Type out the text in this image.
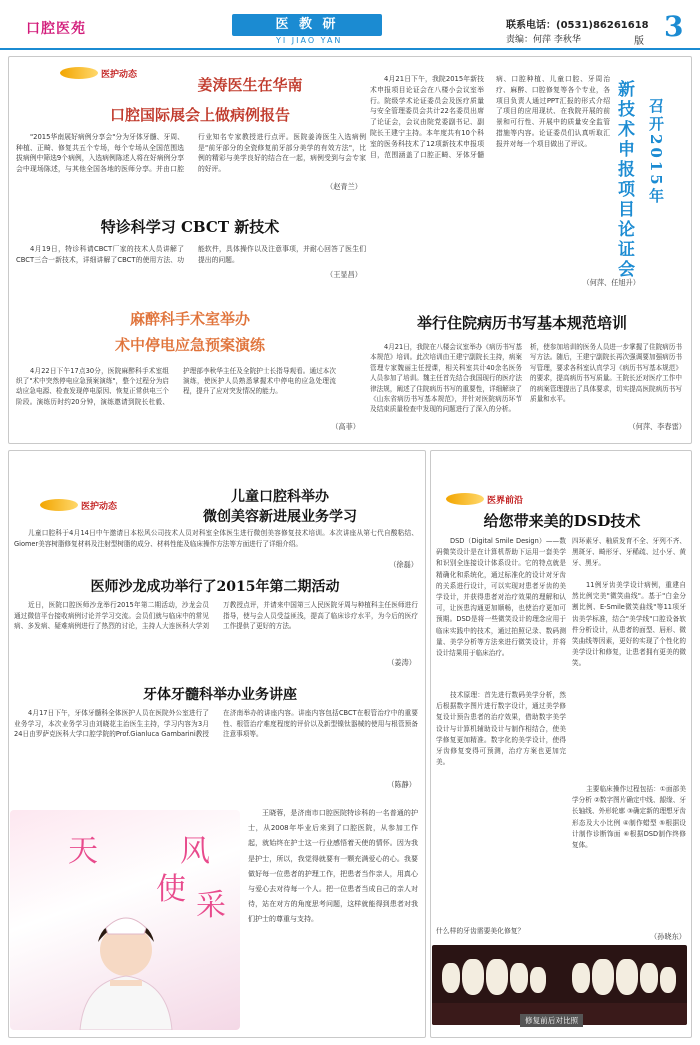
口腔医苑	医 教 研
YI JIAO YAN
联系电话：(0531)86261618
责编：何萍 李秋华	版 3
医护动态
姜涛医生在华南
口腔国际展会上做病例报告
"2015华南展好病例分享会"分为牙体牙髓、牙周、种植、正畸、修复共五个专场，每个专场从全国范围选拔病例中筛选9个病例，入选病例陈述人将在好病例分享会中现场陈述，与其他全国各地的医师分享。并由口腔行业知名专家教授进行点评。医院姜涛医生入选病例是"前牙部分的全瓷修复前牙部分美学的有效方法"，比例的精彩与美学良好的结合在一起，病例受到与会专家的好评。
（赵青兰）
特诊科学习 CBCT 新技术
4月19日，特诊科请CBCT厂家的技术人员讲解了CBCT三合一新技术，详细讲解了CBCT的使用方法、功能软件，具体操作以及注意事项，并耐心回答了医生们提出的问题。
（王显昌）
麻醉科手术室举办
术中停电应急预案演练
4月22日下午17点30分，医院麻醉科手术室组织了"术中突然停电应急预案演练"，整个过程分为启动应急电源、检查发现停电原因、恢复正常供电三个阶段。演练历时约20分钟，演练邀请到院长杜毅、护理部李秋华主任及全院护士长指导观看。通过本次演练，使医护人员熟悉掌握术中停电的应急处理流程，提升了应对突发情况的能力。
（高菲）
4月21日下午，我院2015年新技术申报项目论证会在八楼小会议室举行。院级学术论证委员会及医疗质量与安全管理委员会共计22名委员出席了论证会，会议由院党委副书记、副院长王建宁主持。本年度共有10个科室的医务科技术了12项新技术申报项目，范围涵盖了口腔正畸、牙体牙髓病、口腔种植、儿童口腔、牙周治疗、麻醉、口腔修复等各个专业，各项目负责人通过PPT汇报的形式介绍了项目的应用现状、在我院开展的前景和可行性、开展中的质量安全监管措施等内容。论证委员们认真听取汇报并对每一个项目做出了评议。
（何萍、任旭升）
新技术申报项目论证会 召开2015年
举行住院病历书写基本规范培训
4月21日，我院在八楼会议室举办《病历书写基本规范》培训。此次培训由王建宁副院长主持，病案管理专家魏丽主任授课，相关科室共计40余名医务人员参加了培训。魏主任首先结合我国现行的医疗法律法规，阐述了住院病历书写的重要性，详细解读了《山东省病历书写基本规范》，并针对医院病历环节及结束质量检查中发现的问题进行了深入的分析。
析，使参加培训的医务人员进一步掌握了住院病历书写方法。随后，王建宁副院长再次强调要加强病历书写管理，要求各科室认真学习《病历书写基本规范》的要求，提高病历书写质量。王院长还对医疗工作中的病案管理提出了具体要求，切实提高医院病历书写质量和水平。
（何萍、李春雷）
医护动态
儿童口腔科举办
微创美容新进展业务学习
儿童口腔科于4月14日中午邀请日本松风公司技术人员对科室全体医生进行微创美容修复技术培训。本次讲座从第七代自酸粘结、Giomer美容树脂修复材料及注射型树脂的成分、材料性能及临床操作方法等方面进行了详细介绍。
（徐磊）
医师沙龙成功举行了2015年第二期活动
近日，医院口腔医师沙龙举行2015年第二期活动，沙龙会员通过微信平台接收病例讨论并学习交流。会员们就与临床中的常见病、多发病、疑难病例进行了热烈的讨论，主持人大连医科大学刘万教授点评，并请来中国第三人民医院牙周与种植科主任医师进行指导，使与会人员受益匪浅，提高了临床诊疗水平，为今后的医疗工作提供了更好的方法。
（姜涛）
牙体牙髓科举办业务讲座
4月17日下午，牙体牙髓科全体医护人员在医院外公室进行了业务学习，本次业务学习由刘晓花主治医生主持，学习内容为3月24日由罗萨克医科大学口腔学院的Prof.Gianluca Gambarini教授在济南举办的讲座内容。讲座内容包括CBCT在根管治疗中的重要性、根管治疗难度程度的评价以及新型镍钛器械的使用与根管预备注意事项等。
（陈静）
天
使
风
采
王晓蓉，是济南市口腔医院特诊科的一名普通的护士，从2008年毕业后来到了口腔医院，从参加工作起，就始终在护士这一行业感悟着天使的情怀。因为我是护士，所以，我觉得就要有一颗充满爱心的心。我要做好每一位患者的护理工作，把患者当作亲人，用真心与爱心去对待每一个人。把一位患者当成自己的亲人对待，站在对方的角度思考问题，这样就能得到患者对我们护士的尊重与支持。
医界前沿
给您带来美的DSD技术
DSD（Digital Smile Design）——数码微笑设计是在计算机帮助下运用一套美学和识别全连接设计体系设计。它的特点就是精确化和系统化，通过标准化的设计对牙齿的关系进行设计，可以实现对患者牙齿的美学设计，并获得患者对治疗效果的理解和认可，让医患沟通更加顺畅，也使治疗更加可预期。DSD是将一些微笑设计的理念应用于临床实践中的技术，通过拍照记录、数码测量、美学分析等方法来进行微笑设计，并将设计结果用于临床治疗。
技术原理：首先进行数码美学分析，然后根据数字图片进行数字设计，通过美学修复设计预告患者的治疗效果，借助数字美学设计与计算机辅助设计与制作相结合，使美学修复更加精准。数字化的美学设计，使得牙齿修复变得可预测，治疗方案也更加完美。
什么样的牙齿需要美化修复？
四环素牙、釉质发育不全、牙列不齐、黑斑牙、畸形牙、牙稀疏、过小牙、黄牙、黑牙。
11例牙齿美学设计病例，重建自然比例完美"微笑曲线"。基于"白金分割比例、E-Smile微笑曲线"等11项牙齿美学标准，结合"美学线"口腔设备软件分析设计，从患者的面型、唇形、微笑曲线等因素，更好的实现了个性化的美学设计和修复，让患者拥有更美的微笑。
主要临床操作过程包括：①面部美学分析 ②数字图片确定中线、龈缘、牙长轴线、外形轮廓 ③确定新的理想牙齿形态及大小比例 ④制作蜡型 ⑤根据设计制作诊断饰面 ⑥根据DSD制作终修复体。
（孙晓东）
修复前后对比照
